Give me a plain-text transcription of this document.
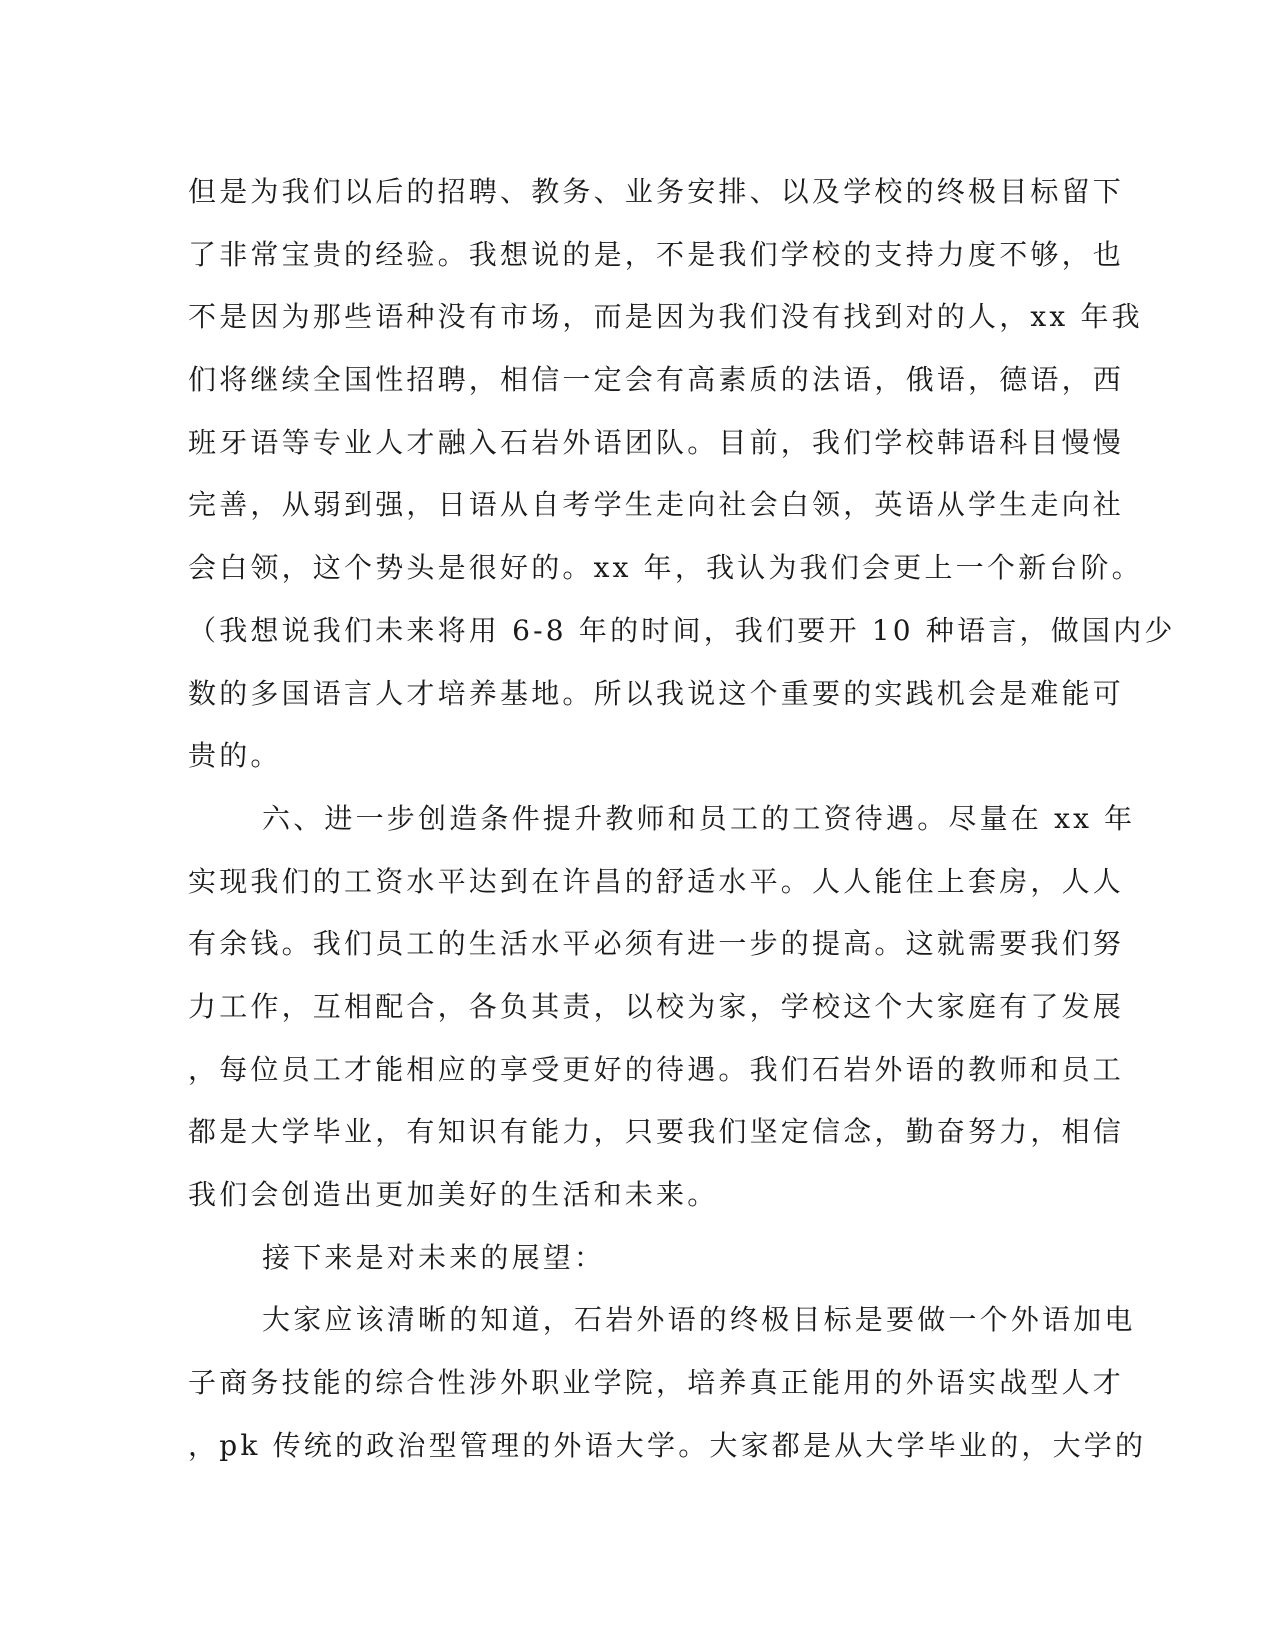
但是为我们以后的招聘、教务、业务安排、以及学校的终极目标留下
了非常宝贵的经验。我想说的是，不是我们学校的支持力度不够，也
不是因为那些语种没有市场，而是因为我们没有找到对的人，xx 年我
们将继续全国性招聘，相信一定会有高素质的法语，俄语，德语，西
班牙语等专业人才融入石岩外语团队。目前，我们学校韩语科目慢慢
完善，从弱到强，日语从自考学生走向社会白领，英语从学生走向社
会白领，这个势头是很好的。xx 年，我认为我们会更上一个新台阶。
（我想说我们未来将用 6-8 年的时间，我们要开 10 种语言，做国内少
数的多国语言人才培养基地。所以我说这个重要的实践机会是难能可
贵的。
六、进一步创造条件提升教师和员工的工资待遇。尽量在 xx 年
实现我们的工资水平达到在许昌的舒适水平。人人能住上套房，人人
有余钱。我们员工的生活水平必须有进一步的提高。这就需要我们努
力工作，互相配合，各负其责，以校为家，学校这个大家庭有了发展
，每位员工才能相应的享受更好的待遇。我们石岩外语的教师和员工
都是大学毕业，有知识有能力，只要我们坚定信念，勤奋努力，相信
我们会创造出更加美好的生活和未来。
接下来是对未来的展望：
大家应该清晰的知道，石岩外语的终极目标是要做一个外语加电
子商务技能的综合性涉外职业学院，培养真正能用的外语实战型人才
，pk 传统的政治型管理的外语大学。大家都是从大学毕业的，大学的
